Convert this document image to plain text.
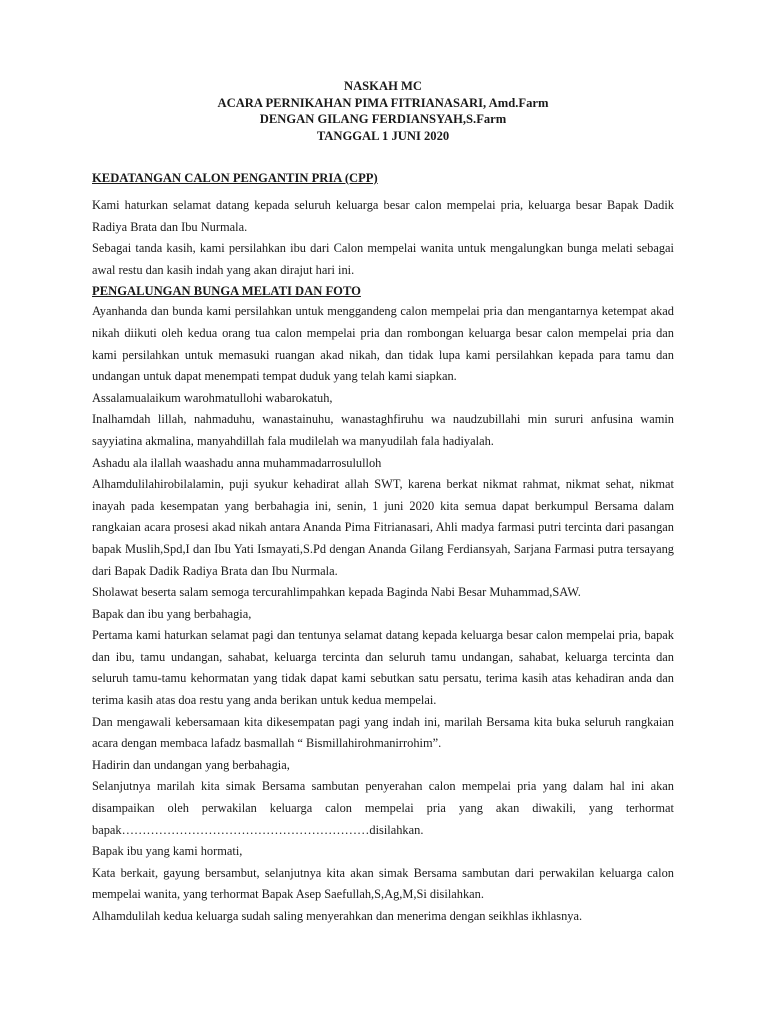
NASKAH MC
ACARA PERNIKAHAN PIMA FITRIANASARI, Amd.Farm
DENGAN GILANG FERDIANSYAH,S.Farm
TANGGAL 1 JUNI 2020
KEDATANGAN CALON PENGANTIN PRIA (CPP)

Kami haturkan selamat datang kepada seluruh keluarga besar calon mempelai pria, keluarga besar Bapak Dadik Radiya Brata dan Ibu Nurmala.

Sebagai tanda kasih, kami persilahkan ibu dari Calon mempelai wanita untuk mengalungkan bunga melati sebagai awal restu dan kasih indah yang akan dirajut hari ini.

PENGALUNGAN BUNGA MELATI DAN FOTO

Ayanhanda dan bunda kami persilahkan untuk menggandeng calon mempelai pria dan mengantarnya ketempat akad nikah diikuti oleh kedua orang tua calon mempelai pria dan rombongan keluarga besar calon mempelai pria dan kami persilahkan untuk memasuki ruangan akad nikah, dan tidak lupa kami persilahkan kepada para tamu dan undangan untuk dapat menempati tempat duduk yang telah kami siapkan.

Assalamualaikum warohmatullohi wabarokatuh,

Inalhamdah lillah, nahmaduhu, wanastainuhu, wanastaghfiruhu wa naudzubillahi min sururi anfusina wamin sayyiatina akmalina, manyahdillah fala mudilelah wa manyudilah fala hadiyalah.

Ashadu ala ilallah waashadu anna muhammadarrosululloh

Alhamdulilahirobilalamin, puji syukur kehadirat allah SWT, karena berkat nikmat rahmat, nikmat sehat, nikmat inayah pada kesempatan yang berbahagia ini, senin, 1 juni 2020 kita semua dapat berkumpul Bersama dalam rangkaian acara prosesi akad nikah antara Ananda Pima Fitrianasari, Ahli madya farmasi putri tercinta dari pasangan bapak Muslih,Spd,I dan Ibu Yati Ismayati,S.Pd dengan Ananda Gilang Ferdiansyah, Sarjana Farmasi putra tersayang dari Bapak Dadik Radiya Brata dan Ibu Nurmala.

Sholawat beserta salam semoga tercurahlimpahkan kepada Baginda Nabi Besar Muhammad,SAW.

Bapak dan ibu yang berbahagia,

Pertama kami haturkan selamat pagi dan tentunya selamat datang kepada keluarga besar calon mempelai pria, bapak dan ibu, tamu undangan, sahabat, keluarga tercinta dan seluruh tamu undangan, sahabat, keluarga tercinta dan seluruh tamu-tamu kehormatan yang tidak dapat kami sebutkan satu persatu, terima kasih atas kehadiran anda dan terima kasih atas doa restu yang anda berikan untuk kedua mempelai.

Dan mengawali kebersamaan kita dikesempatan pagi yang indah ini, marilah Bersama kita buka seluruh rangkaian acara dengan membaca lafadz basmallah “ Bismillahirohmanirrohim”.

Hadirin dan undangan yang berbahagia,

Selanjutnya marilah kita simak Bersama sambutan penyerahan calon mempelai pria yang dalam hal ini akan disampaikan oleh perwakilan keluarga calon mempelai pria yang akan diwakili, yang terhormat bapak……………………………………………………disilahkan.

Bapak ibu yang kami hormati,

Kata berkait, gayung bersambut, selanjutnya kita akan simak Bersama sambutan dari perwakilan keluarga calon mempelai wanita, yang terhormat Bapak Asep Saefullah,S,Ag,M,Si disilahkan.

Alhamdulilah kedua keluarga sudah saling menyerahkan dan menerima dengan seikhlas ikhlasnya.
